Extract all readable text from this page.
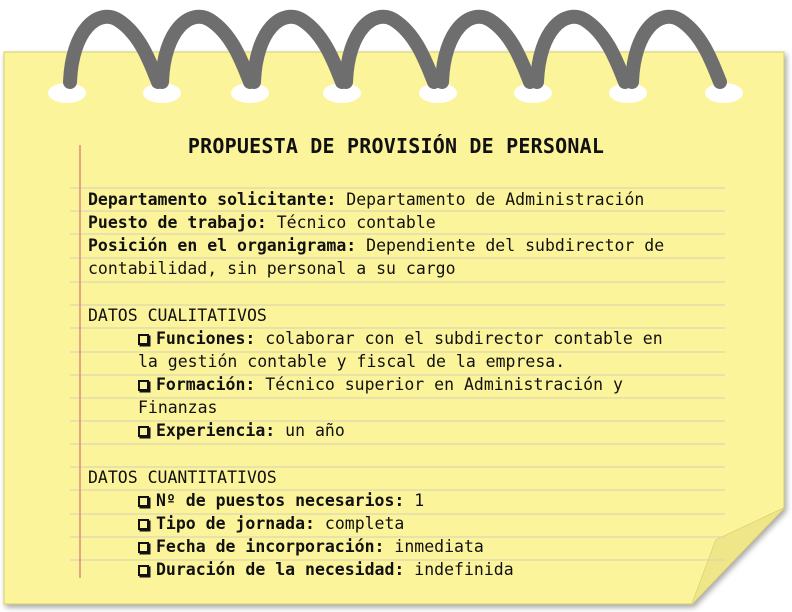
PROPUESTA DE PROVISIÓN DE PERSONAL
Departamento solicitante: Departamento de Administración
Puesto de trabajo: Técnico contable
Posición en el organigrama: Dependiente del subdirector de
contabilidad, sin personal a su cargo
DATOS CUALITATIVOS
Funciones: colaborar con el subdirector contable en
la gestión contable y fiscal de la empresa.
Formación: Técnico superior en Administración y
Finanzas
Experiencia: un año
DATOS CUANTITATIVOS
Nº de puestos necesarios: 1
Tipo de jornada: completa
Fecha de incorporación: inmediata
Duración de la necesidad: indefinida
